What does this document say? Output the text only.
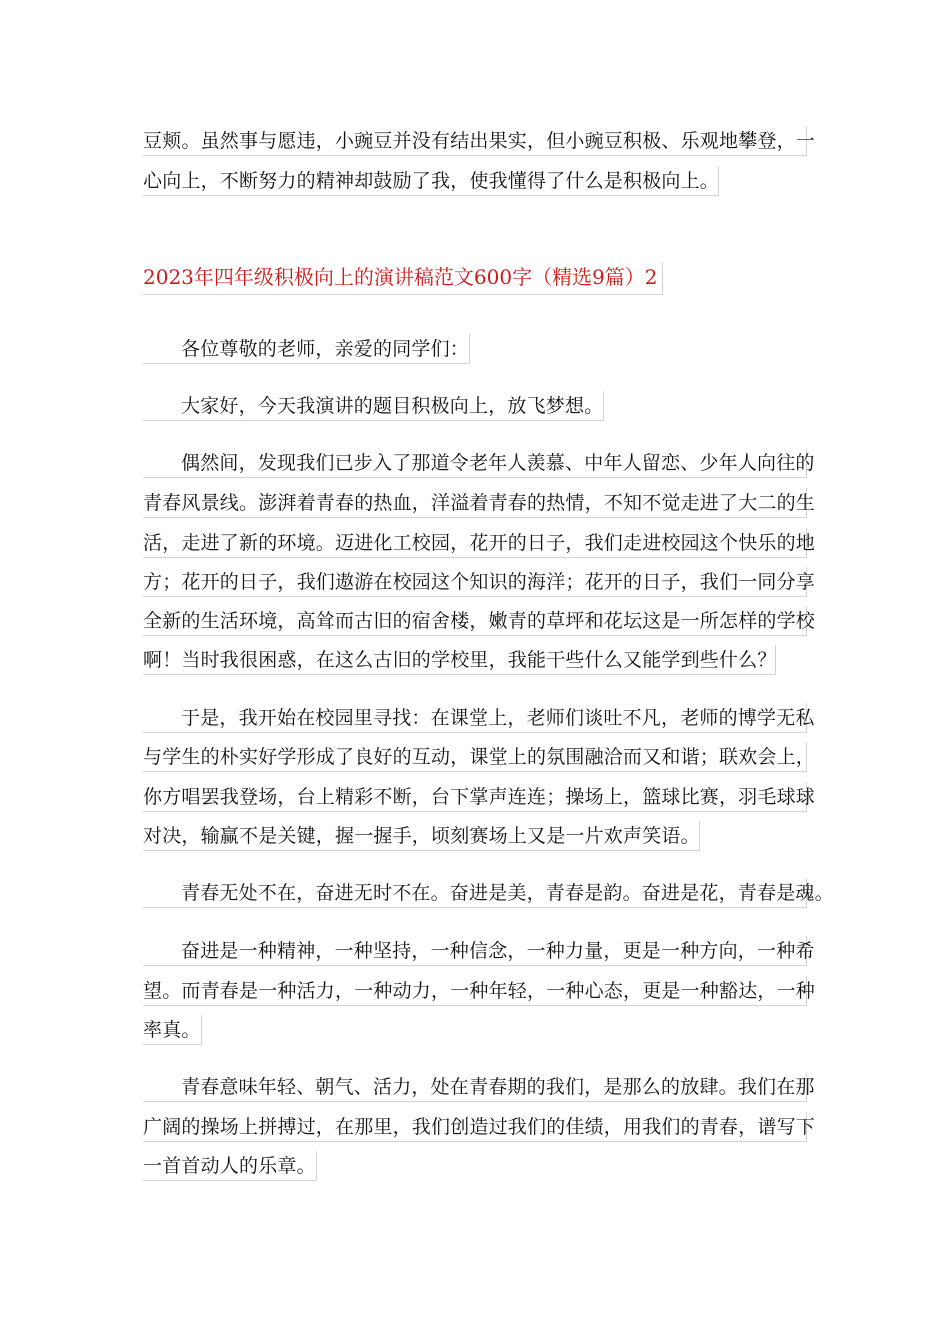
豆颊。虽然事与愿违，小豌豆并没有结出果实，但小豌豆积极、乐观地攀登，一
心向上，不断努力的精神却鼓励了我，使我懂得了什么是积极向上。
2023年四年级积极向上的演讲稿范文600字（精选9篇）2
各位尊敬的老师，亲爱的同学们：
大家好，今天我演讲的题目积极向上，放飞梦想。
偶然间，发现我们已步入了那道令老年人羡慕、中年人留恋、少年人向往的
青春风景线。澎湃着青春的热血，洋溢着青春的热情，不知不觉走进了大二的生
活，走进了新的环境。迈进化工校园，花开的日子，我们走进校园这个快乐的地
方；花开的日子，我们遨游在校园这个知识的海洋；花开的日子，我们一同分享
全新的生活环境，高耸而古旧的宿舍楼，嫩青的草坪和花坛这是一所怎样的学校
啊！当时我很困惑，在这么古旧的学校里，我能干些什么又能学到些什么？
于是，我开始在校园里寻找：在课堂上，老师们谈吐不凡，老师的博学无私
与学生的朴实好学形成了良好的互动，课堂上的氛围融洽而又和谐；联欢会上，
你方唱罢我登场，台上精彩不断，台下掌声连连；操场上，篮球比赛，羽毛球球
对决，输赢不是关键，握一握手，顷刻赛场上又是一片欢声笑语。
青春无处不在，奋进无时不在。奋进是美，青春是韵。奋进是花，青春是魂。
奋进是一种精神，一种坚持，一种信念，一种力量，更是一种方向，一种希
望。而青春是一种活力，一种动力，一种年轻，一种心态，更是一种豁达，一种
率真。
青春意味年轻、朝气、活力，处在青春期的我们，是那么的放肆。我们在那
广阔的操场上拼搏过，在那里，我们创造过我们的佳绩，用我们的青春，谱写下
一首首动人的乐章。
